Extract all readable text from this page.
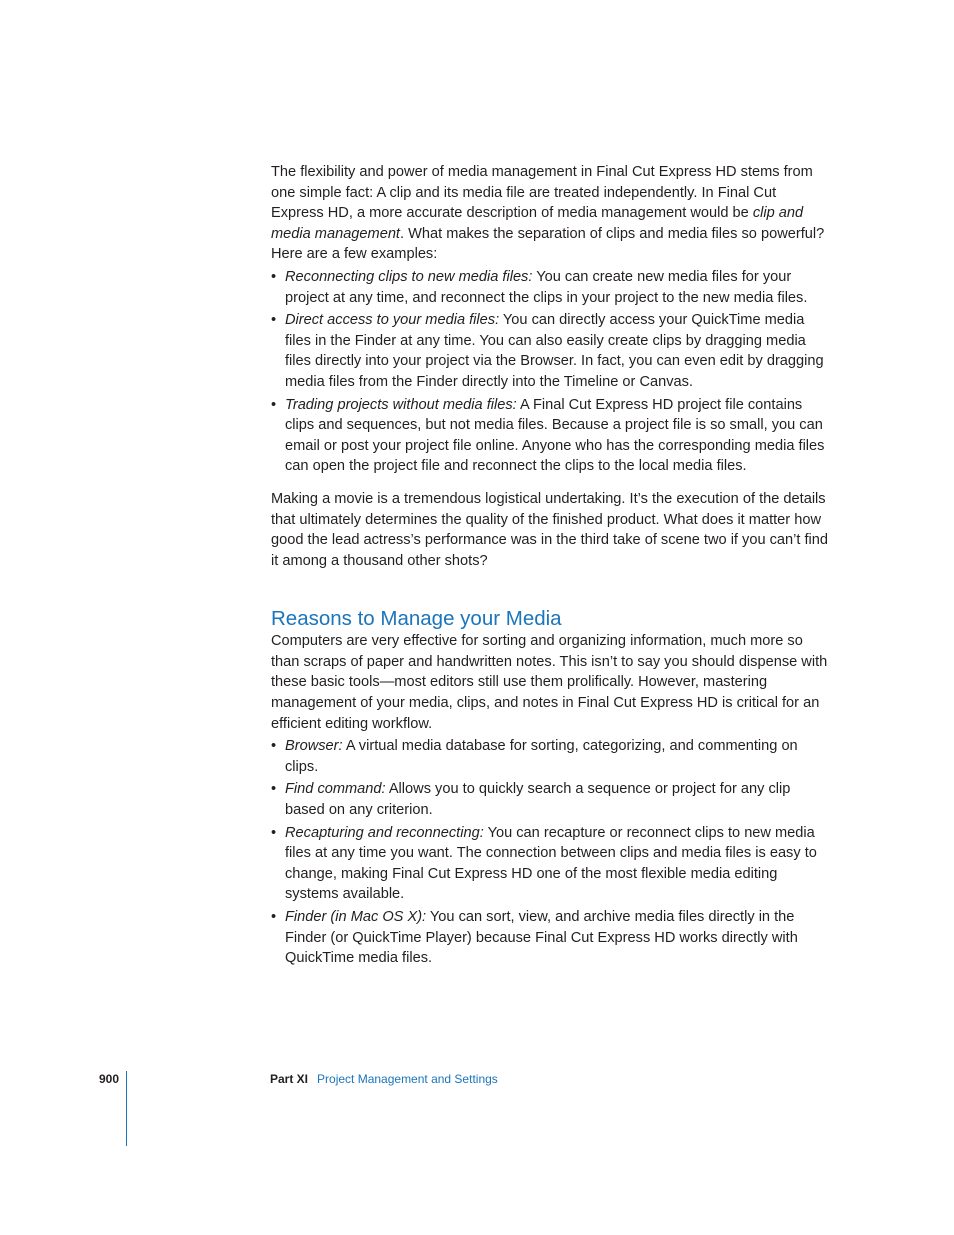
The flexibility and power of media management in Final Cut Express HD stems from one simple fact: A clip and its media file are treated independently. In Final Cut Express HD, a more accurate description of media management would be clip and media management. What makes the separation of clips and media files so powerful? Here are a few examples:

• Reconnecting clips to new media files: You can create new media files for your project at any time, and reconnect the clips in your project to the new media files.
• Direct access to your media files: You can directly access your QuickTime media files in the Finder at any time. You can also easily create clips by dragging media files directly into your project via the Browser. In fact, you can even edit by dragging media files from the Finder directly into the Timeline or Canvas.
• Trading projects without media files: A Final Cut Express HD project file contains clips and sequences, but not media files. Because a project file is so small, you can email or post your project file online. Anyone who has the corresponding media files can open the project file and reconnect the clips to the local media files.

Making a movie is a tremendous logistical undertaking. It’s the execution of the details that ultimately determines the quality of the finished product. What does it matter how good the lead actress’s performance was in the third take of scene two if you can’t find it among a thousand other shots?

Reasons to Manage your Media

Computers are very effective for sorting and organizing information, much more so than scraps of paper and handwritten notes. This isn’t to say you should dispense with these basic tools—most editors still use them prolifically. However, mastering management of your media, clips, and notes in Final Cut Express HD is critical for an efficient editing workflow.

• Browser: A virtual media database for sorting, categorizing, and commenting on clips.
• Find command: Allows you to quickly search a sequence or project for any clip based on any criterion.
• Recapturing and reconnecting: You can recapture or reconnect clips to new media files at any time you want. The connection between clips and media files is easy to change, making Final Cut Express HD one of the most flexible media editing systems available.
• Finder (in Mac OS X): You can sort, view, and archive media files directly in the Finder (or QuickTime Player) because Final Cut Express HD works directly with QuickTime media files.
900	Part XI Project Management and Settings
